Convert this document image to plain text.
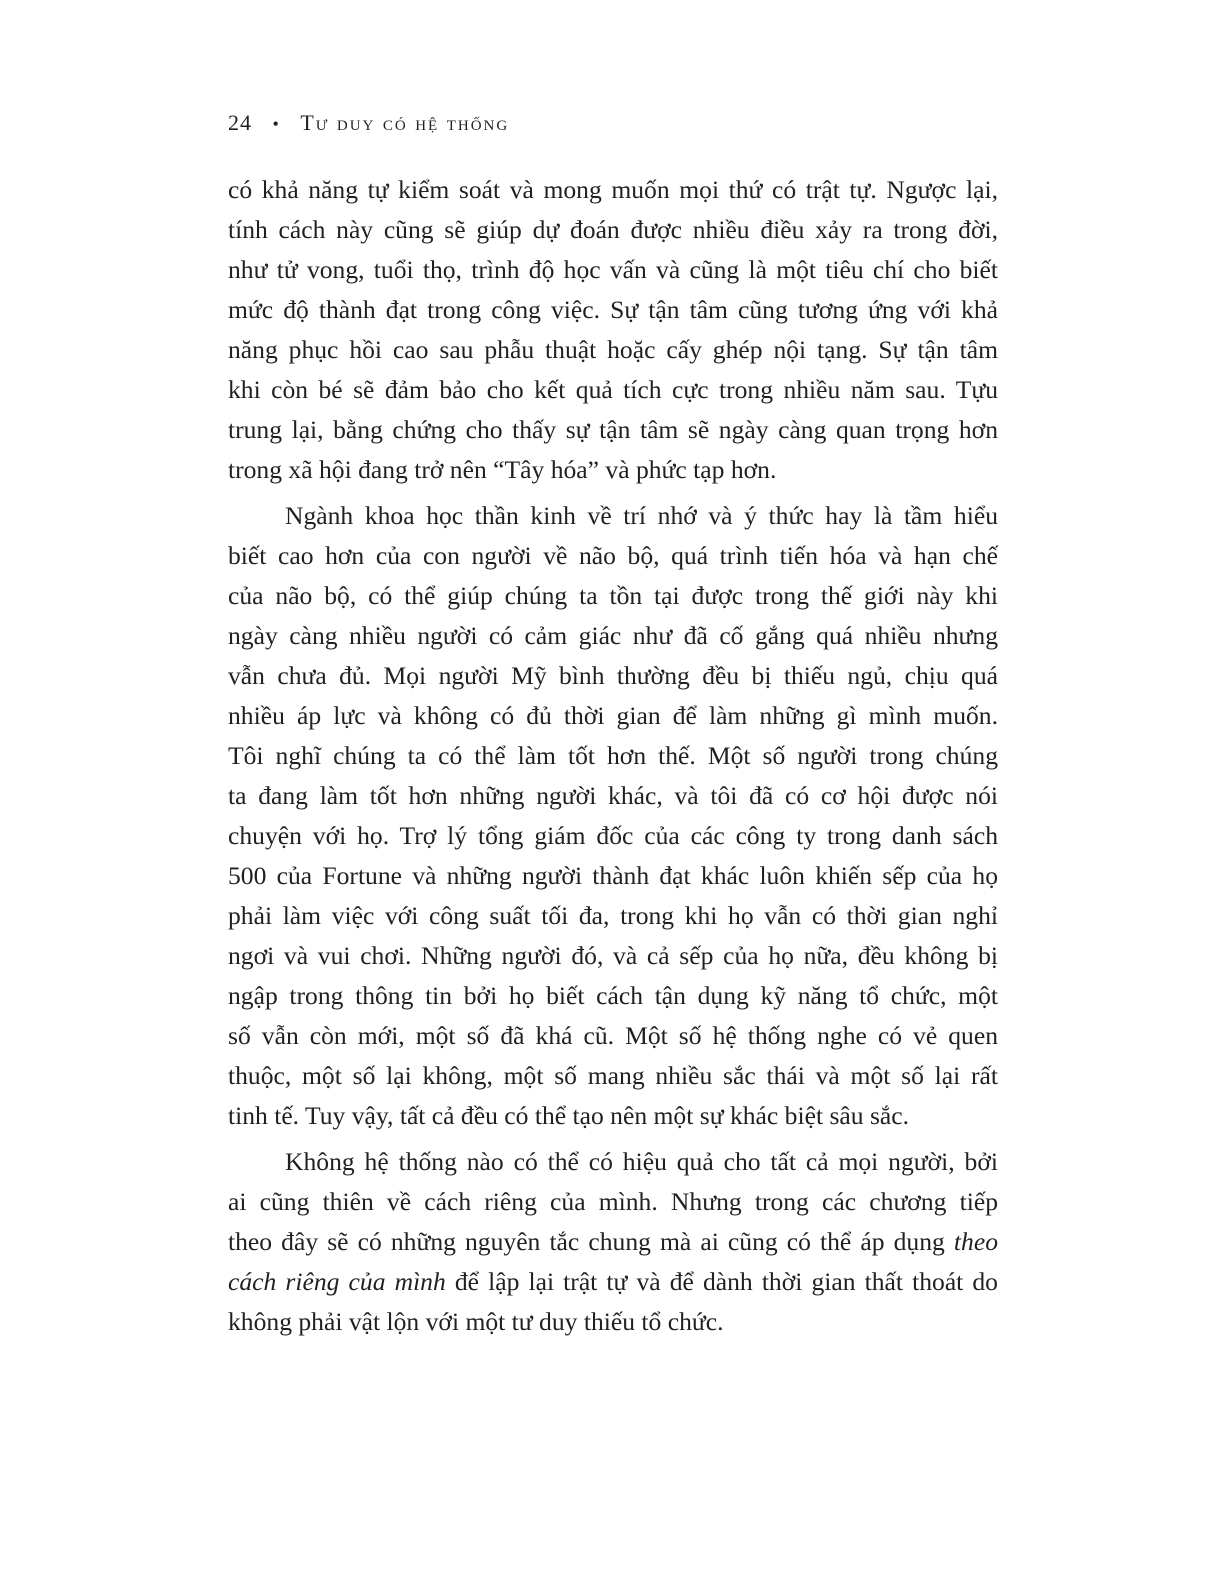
24 • Tư duy có hệ thống

có khả năng tự kiểm soát và mong muốn mọi thứ có trật tự. Ngược lại,
tính cách này cũng sẽ giúp dự đoán được nhiều điều xảy ra trong đời,
như tử vong, tuổi thọ, trình độ học vấn và cũng là một tiêu chí cho biết
mức độ thành đạt trong công việc. Sự tận tâm cũng tương ứng với khả
năng phục hồi cao sau phẫu thuật hoặc cấy ghép nội tạng. Sự tận tâm
khi còn bé sẽ đảm bảo cho kết quả tích cực trong nhiều năm sau. Tựu
trung lại, bằng chứng cho thấy sự tận tâm sẽ ngày càng quan trọng hơn
trong xã hội đang trở nên “Tây hóa” và phức tạp hơn.

Ngành khoa học thần kinh về trí nhớ và ý thức hay là tầm hiểu
biết cao hơn của con người về não bộ, quá trình tiến hóa và hạn chế
của não bộ, có thể giúp chúng ta tồn tại được trong thế giới này khi
ngày càng nhiều người có cảm giác như đã cố gắng quá nhiều nhưng
vẫn chưa đủ. Mọi người Mỹ bình thường đều bị thiếu ngủ, chịu quá
nhiều áp lực và không có đủ thời gian để làm những gì mình muốn.
Tôi nghĩ chúng ta có thể làm tốt hơn thế. Một số người trong chúng
ta đang làm tốt hơn những người khác, và tôi đã có cơ hội được nói
chuyện với họ. Trợ lý tổng giám đốc của các công ty trong danh sách
500 của Fortune và những người thành đạt khác luôn khiến sếp của họ
phải làm việc với công suất tối đa, trong khi họ vẫn có thời gian nghỉ
ngơi và vui chơi. Những người đó, và cả sếp của họ nữa, đều không bị
ngập trong thông tin bởi họ biết cách tận dụng kỹ năng tổ chức, một
số vẫn còn mới, một số đã khá cũ. Một số hệ thống nghe có vẻ quen
thuộc, một số lại không, một số mang nhiều sắc thái và một số lại rất
tinh tế. Tuy vậy, tất cả đều có thể tạo nên một sự khác biệt sâu sắc.

Không hệ thống nào có thể có hiệu quả cho tất cả mọi người, bởi
ai cũng thiên về cách riêng của mình. Nhưng trong các chương tiếp
theo đây sẽ có những nguyên tắc chung mà ai cũng có thể áp dụng theo
cách riêng của mình để lập lại trật tự và để dành thời gian thất thoát do
không phải vật lộn với một tư duy thiếu tổ chức.
